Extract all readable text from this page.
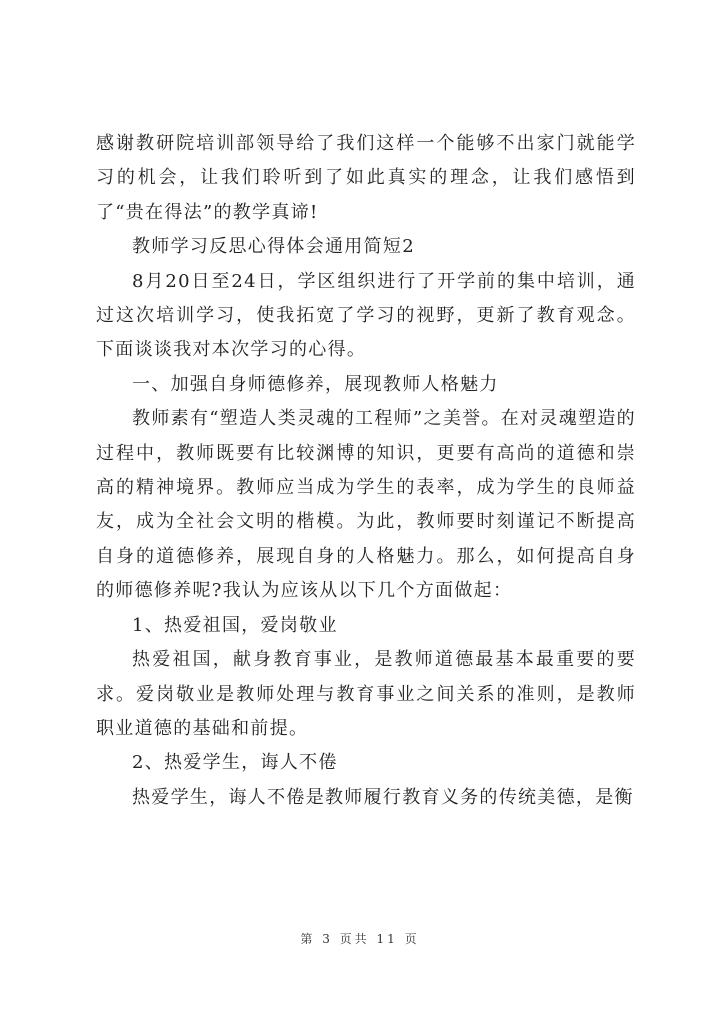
感谢教研院培训部领导给了我们这样一个能够不出家门就能学习的机会，让我们聆听到了如此真实的理念，让我们感悟到了“贵在得法”的教学真谛!

教师学习反思心得体会通用简短2

8月20日至24日，学区组织进行了开学前的集中培训，通过这次培训学习，使我拓宽了学习的视野，更新了教育观念。下面谈谈我对本次学习的心得。

一、加强自身师德修养，展现教师人格魅力

教师素有“塑造人类灵魂的工程师”之美誉。在对灵魂塑造的过程中，教师既要有比较渊博的知识，更要有高尚的道德和崇高的精神境界。教师应当成为学生的表率，成为学生的良师益友，成为全社会文明的楷模。为此，教师要时刻谨记不断提高自身的道德修养，展现自身的人格魅力。那么，如何提高自身的师德修养呢?我认为应该从以下几个方面做起：

1、热爱祖国，爱岗敬业

热爱祖国，献身教育事业，是教师道德最基本最重要的要求。爱岗敬业是教师处理与教育事业之间关系的准则，是教师职业道德的基础和前提。

2、热爱学生，诲人不倦

热爱学生，诲人不倦是教师履行教育义务的传统美德，是衡

第 3 页共 11 页
